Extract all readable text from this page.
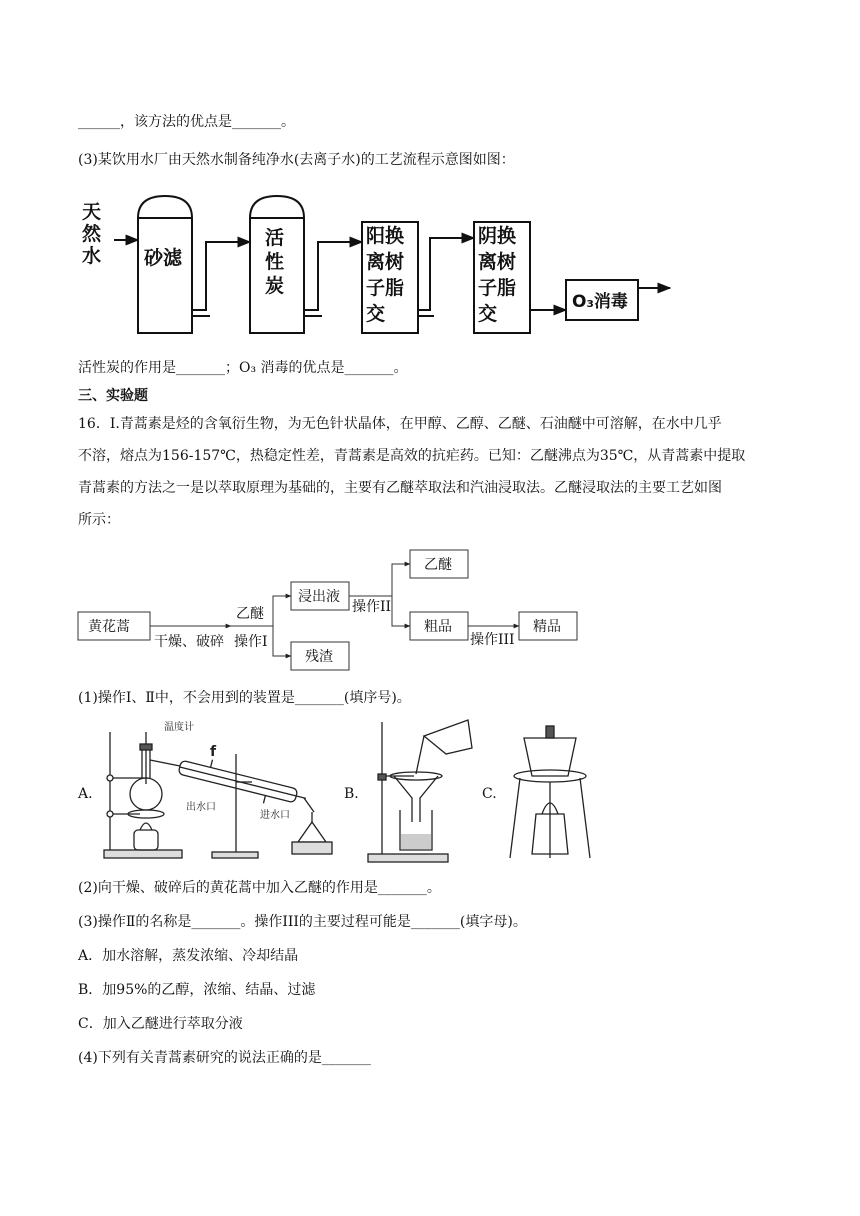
______，该方法的优点是_______。
(3)某饮用水厂由天然水制备纯净水(去离子水)的工艺流程示意图如图：
天
然
水 砂滤
活
性
炭
阳换
离树
子脂
交
阴换
离树
子脂
交
O₃消毒
活性炭的作用是_______；O₃ 消毒的优点是_______。
三、实验题
16．Ⅰ.青蒿素是烃的含氧衍生物，为无色针状晶体，在甲醇、乙醇、乙醚、石油醚中可溶解，在水中几乎
不溶，熔点为156-157℃，热稳定性差，青蒿素是高效的抗疟药。已知：乙醚沸点为35℃，从青蒿素中提取
青蒿素的方法之一是以萃取原理为基础的，主要有乙醚萃取法和汽油浸取法。乙醚浸取法的主要工艺如图
所示：
黄花蒿
乙醚
干燥、破碎 操作I
浸出液
残渣
操作II
乙醚
粗品
操作III
精品
(1)操作Ⅰ、Ⅱ中，不会用到的装置是_______(填序号)。
A.
温度计
f
出水口
进水口
B.	C.
(2)向干燥、破碎后的黄花蒿中加入乙醚的作用是_______。
(3)操作Ⅱ的名称是_______。操作III的主要过程可能是_______(填字母)。
A．加水溶解，蒸发浓缩、冷却结晶
B．加95%的乙醇，浓缩、结晶、过滤
C．加入乙醚进行萃取分液
(4)下列有关青蒿素研究的说法正确的是_______
